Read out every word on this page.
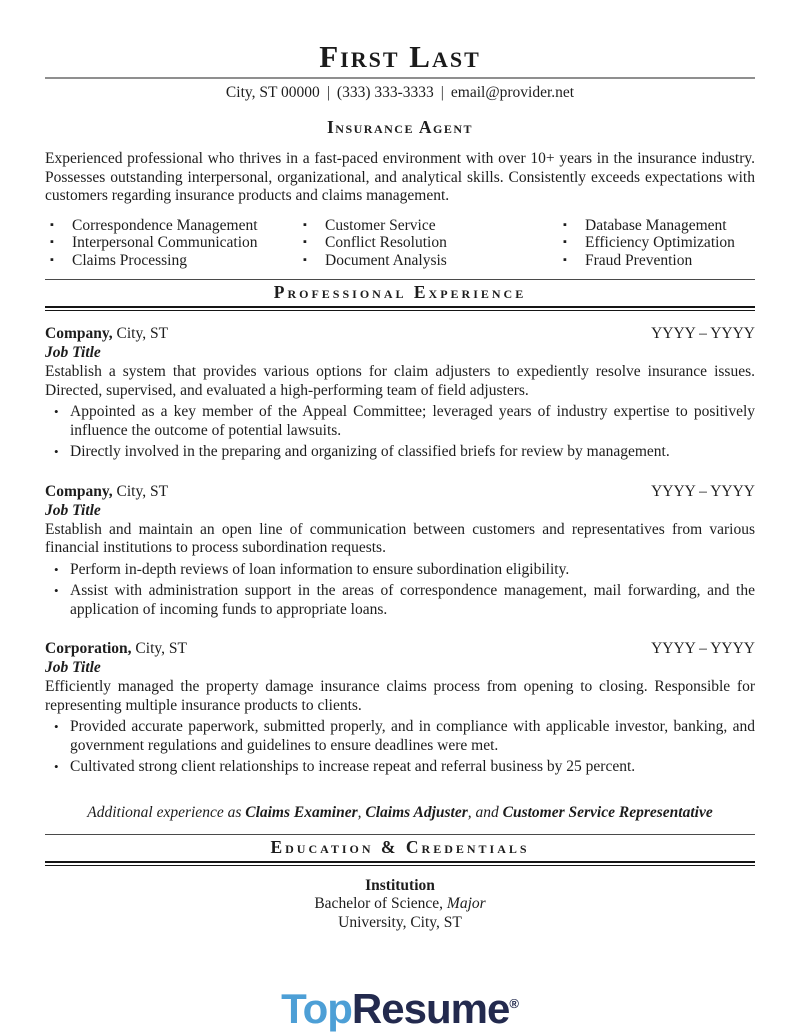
First Last
City, ST 00000 | (333) 333-3333 | email@provider.net
Insurance Agent
Experienced professional who thrives in a fast-paced environment with over 10+ years in the insurance industry. Possesses outstanding interpersonal, organizational, and analytical skills. Consistently exceeds expectations with customers regarding insurance products and claims management.
▪	Correspondence Management
▪	Interpersonal Communication
▪	Claims Processing
▪	Customer Service
▪	Conflict Resolution
▪	Document Analysis
▪	Database Management
▪	Efficiency Optimization
▪	Fraud Prevention
Professional Experience
Company, City, ST	YYYY – YYYY
Job Title
Establish a system that provides various options for claim adjusters to expediently resolve insurance issues. Directed, supervised, and evaluated a high-performing team of field adjusters.
• Appointed as a key member of the Appeal Committee; leveraged years of industry expertise to positively influence the outcome of potential lawsuits.
• Directly involved in the preparing and organizing of classified briefs for review by management.
Company, City, ST	YYYY – YYYY
Job Title
Establish and maintain an open line of communication between customers and representatives from various financial institutions to process subordination requests.
• Perform in-depth reviews of loan information to ensure subordination eligibility.
• Assist with administration support in the areas of correspondence management, mail forwarding, and the application of incoming funds to appropriate loans.
Corporation, City, ST	YYYY – YYYY
Job Title
Efficiently managed the property damage insurance claims process from opening to closing. Responsible for representing multiple insurance products to clients.
• Provided accurate paperwork, submitted properly, and in compliance with applicable investor, banking, and government regulations and guidelines to ensure deadlines were met.
• Cultivated strong client relationships to increase repeat and referral business by 25 percent.
Additional experience as Claims Examiner, Claims Adjuster, and Customer Service Representative
Education & Credentials
Institution
Bachelor of Science, Major
University, City, ST
TopResume®
